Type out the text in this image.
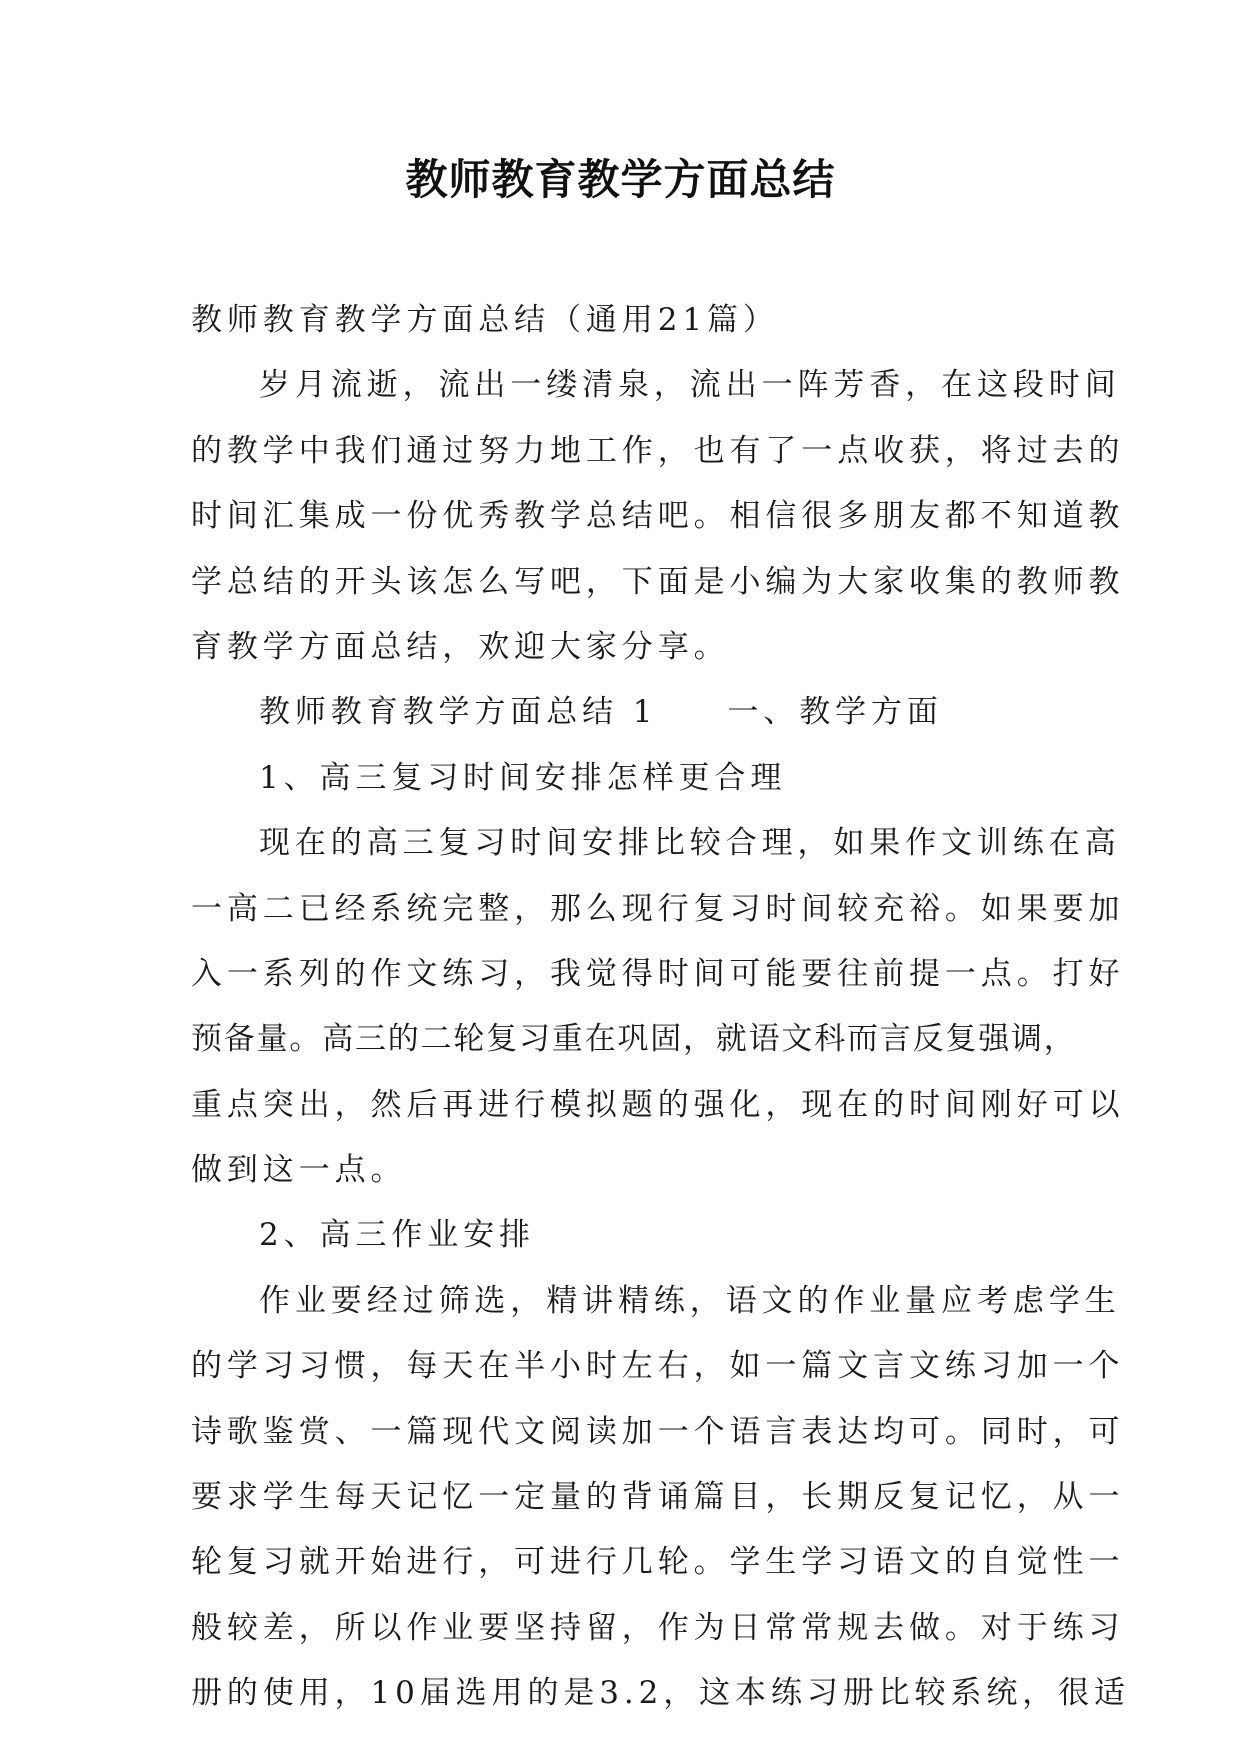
教师教育教学方面总结
教师教育教学方面总结（通用21篇）
岁月流逝，流出一缕清泉，流出一阵芳香，在这段时间
的教学中我们通过努力地工作，也有了一点收获，将过去的
时间汇集成一份优秀教学总结吧。相信很多朋友都不知道教
学总结的开头该怎么写吧，下面是小编为大家收集的教师教
育教学方面总结，欢迎大家分享。
教师教育教学方面总结 1 一、教学方面
1、高三复习时间安排怎样更合理
现在的高三复习时间安排比较合理，如果作文训练在高
一高二已经系统完整，那么现行复习时间较充裕。如果要加
入一系列的作文练习，我觉得时间可能要往前提一点。打好
预备量。高三的二轮复习重在巩固，就语文科而言反复强调，
重点突出，然后再进行模拟题的强化，现在的时间刚好可以
做到这一点。
2、高三作业安排
作业要经过筛选，精讲精练，语文的作业量应考虑学生
的学习习惯，每天在半小时左右，如一篇文言文练习加一个
诗歌鉴赏、一篇现代文阅读加一个语言表达均可。同时，可
要求学生每天记忆一定量的背诵篇目，长期反复记忆，从一
轮复习就开始进行，可进行几轮。学生学习语文的自觉性一
般较差，所以作业要坚持留，作为日常常规去做。对于练习
册的使用，10届选用的是3.2，这本练习册比较系统，很适
